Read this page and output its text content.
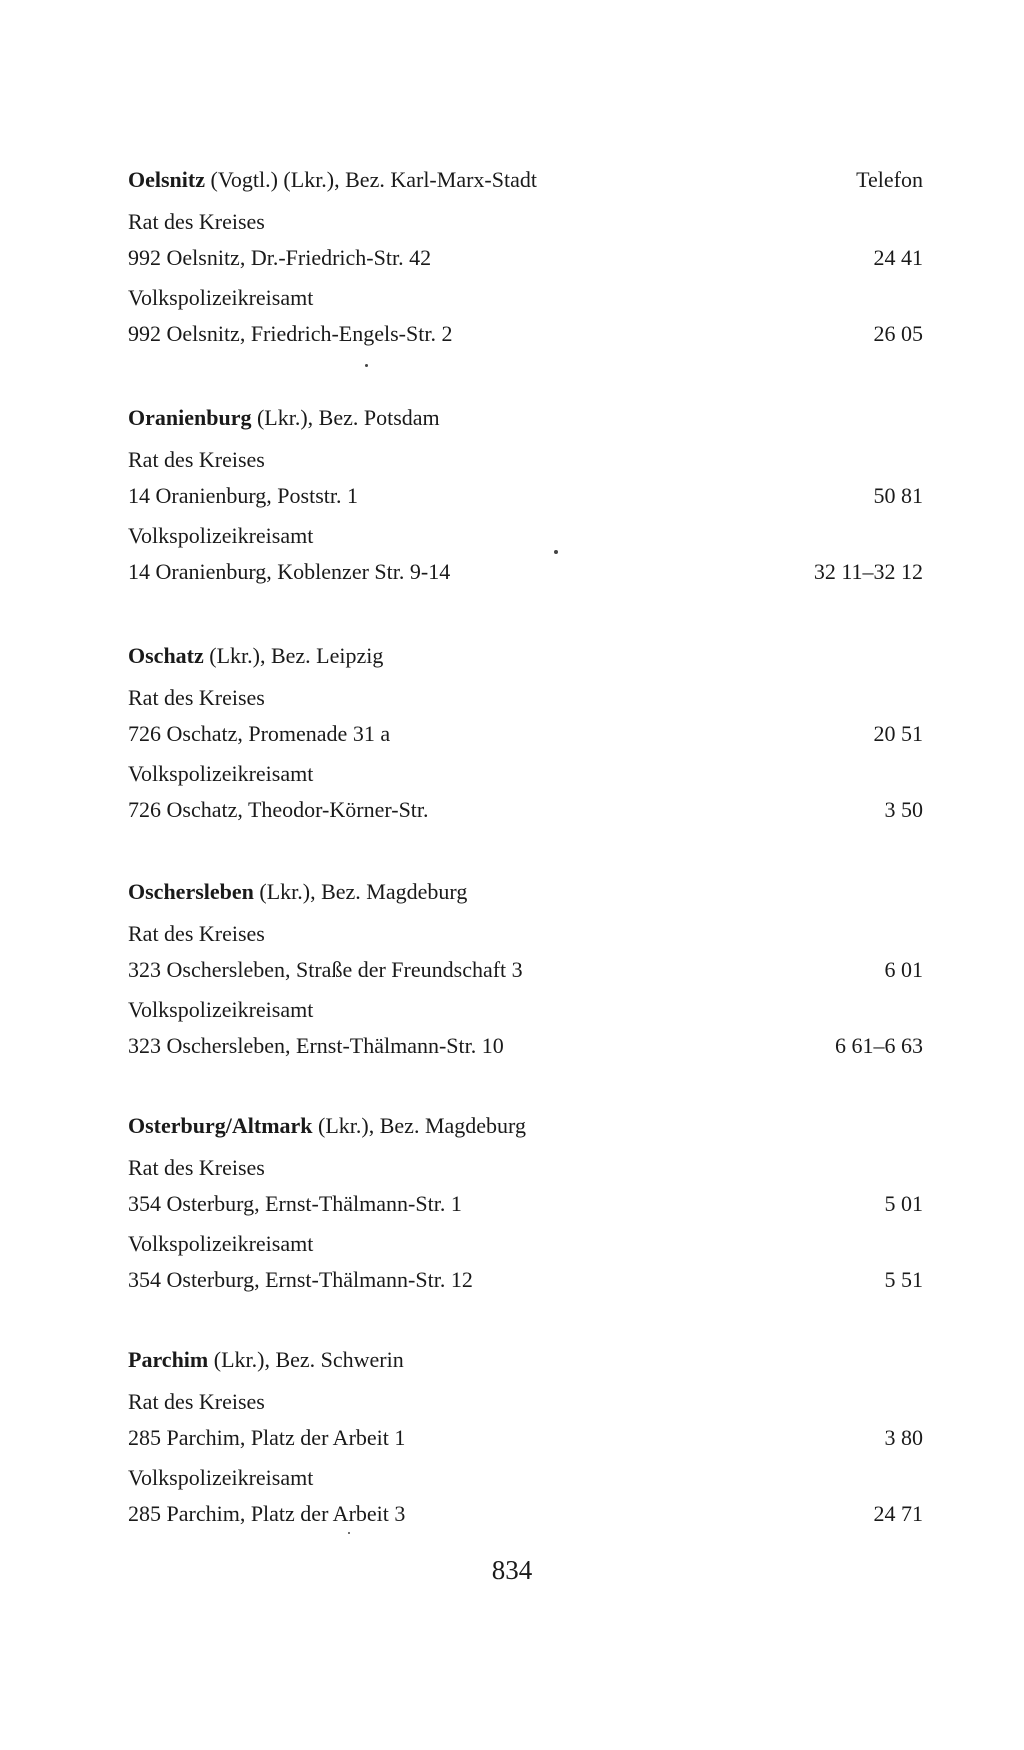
Oelsnitz (Vogtl.) (Lkr.), Bez. Karl-Marx-Stadt	Telefon
Rat des Kreises
992 Oelsnitz, Dr.-Friedrich-Str. 42	24 41
Volkspolizeikreisamt
992 Oelsnitz, Friedrich-Engels-Str. 2	26 05
Oranienburg (Lkr.), Bez. Potsdam
Rat des Kreises
14 Oranienburg, Poststr. 1	50 81
Volkspolizeikreisamt
14 Oranienburg, Koblenzer Str. 9-14	32 11–32 12
Oschatz (Lkr.), Bez. Leipzig
Rat des Kreises
726 Oschatz, Promenade 31 a	20 51
Volkspolizeikreisamt
726 Oschatz, Theodor-Körner-Str.	3 50
Oschersleben (Lkr.), Bez. Magdeburg
Rat des Kreises
323 Oschersleben, Straße der Freundschaft 3	6 01
Volkspolizeikreisamt
323 Oschersleben, Ernst-Thälmann-Str. 10	6 61–6 63
Osterburg/Altmark (Lkr.), Bez. Magdeburg
Rat des Kreises
354 Osterburg, Ernst-Thälmann-Str. 1	5 01
Volkspolizeikreisamt
354 Osterburg, Ernst-Thälmann-Str. 12	5 51
Parchim (Lkr.), Bez. Schwerin
Rat des Kreises
285 Parchim, Platz der Arbeit 1	3 80
Volkspolizeikreisamt
285 Parchim, Platz der Arbeit 3	24 71
834
